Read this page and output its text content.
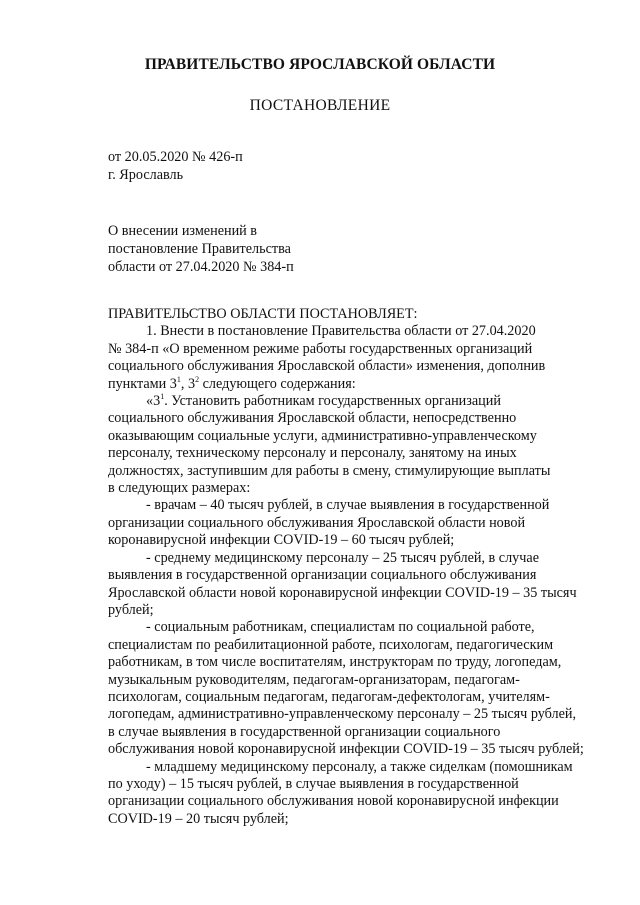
ПРАВИТЕЛЬСТВО ЯРОСЛАВСКОЙ ОБЛАСТИ
ПОСТАНОВЛЕНИЕ
от 20.05.2020 № 426-п
г. Ярославль
О внесении изменений в
постановление Правительства
области от 27.04.2020 № 384-п
ПРАВИТЕЛЬСТВО ОБЛАСТИ ПОСТАНОВЛЯЕТ:
1. Внести в постановление Правительства области от 27.04.2020
№ 384-п «О временном режиме работы государственных организаций
социального обслуживания Ярославской области» изменения, дополнив
пунктами $3^1$, $3^2$ следующего содержания:
«$3^1$. Установить работникам государственных организаций
социального обслуживания Ярославской области, непосредственно
оказывающим социальные услуги, административно-управленческому
персоналу, техническому персоналу и персоналу, занятому на иных
должностях, заступившим для работы в смену, стимулирующие выплаты
в следующих размерах:
- врачам – 40 тысяч рублей, в случае выявления в государственной
организации социального обслуживания Ярославской области новой
коронавирусной инфекции COVID-19 – 60 тысяч рублей;
- среднему медицинскому персоналу – 25 тысяч рублей, в случае
выявления в государственной организации социального обслуживания
Ярославской области новой коронавирусной инфекции COVID-19 – 35 тысяч
рублей;
- социальным работникам, специалистам по социальной работе,
специалистам по реабилитационной работе, психологам, педагогическим
работникам, в том числе воспитателям, инструкторам по труду, логопедам,
музыкальным руководителям, педагогам-организаторам, педагогам-
психологам, социальным педагогам, педагогам-дефектологам, учителям-
логопедам, административно-управленческому персоналу – 25 тысяч рублей,
в случае выявления в государственной организации социального
обслуживания новой коронавирусной инфекции COVID-19 – 35 тысяч рублей;
- младшему медицинскому персоналу, а также сиделкам (помошникам
по уходу) – 15 тысяч рублей, в случае выявления в государственной
организации социального обслуживания новой коронавирусной инфекции
COVID-19 – 20 тысяч рублей;
